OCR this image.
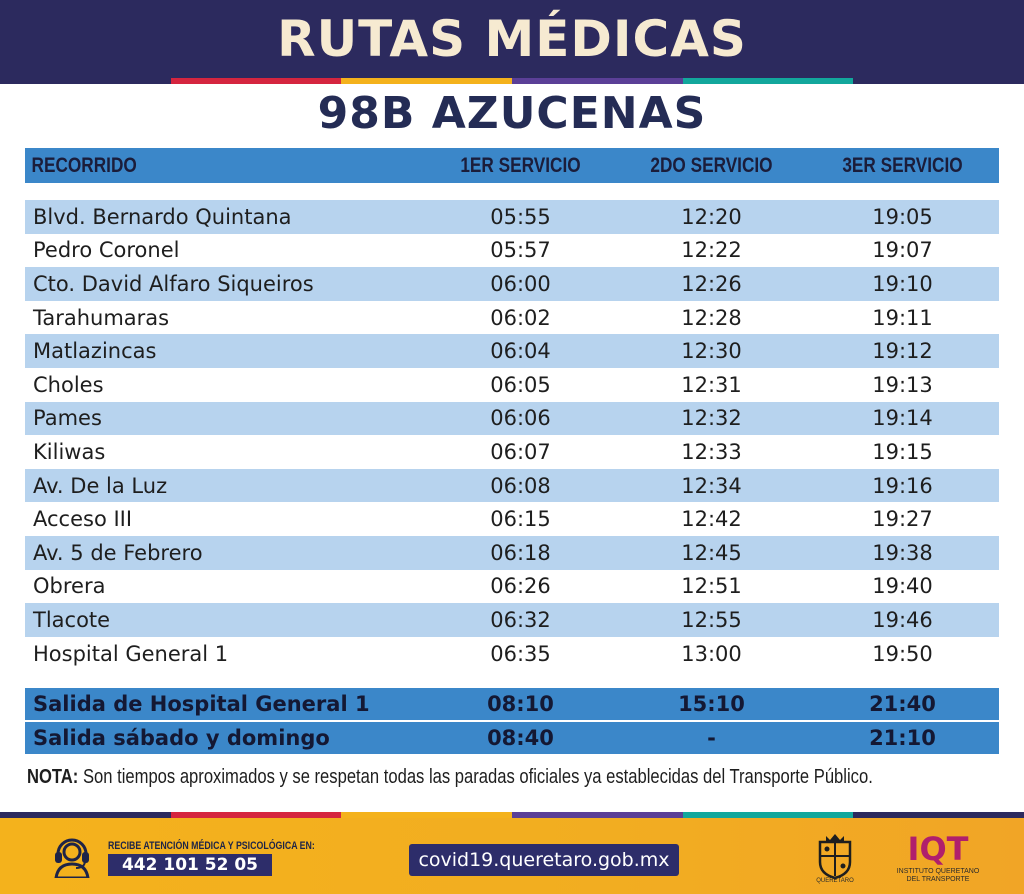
RUTAS MÉDICAS
98B AZUCENAS
RECORRIDO	1ER SERVICIO	2DO SERVICIO	3ER SERVICIO
Blvd. Bernardo Quintana	05:55	12:20	19:05
Pedro Coronel	05:57	12:22	19:07
Cto. David Alfaro Siqueiros	06:00	12:26	19:10
Tarahumaras	06:02	12:28	19:11
Matlazincas	06:04	12:30	19:12
Choles	06:05	12:31	19:13
Pames	06:06	12:32	19:14
Kiliwas	06:07	12:33	19:15
Av. De la Luz	06:08	12:34	19:16
Acceso III	06:15	12:42	19:27
Av. 5 de Febrero	06:18	12:45	19:38
Obrera	06:26	12:51	19:40
Tlacote	06:32	12:55	19:46
Hospital General 1	06:35	13:00	19:50
Salida de Hospital General 1	08:10	15:10	21:40
Salida sábado y domingo	08:40	-	21:10
NOTA: Son tiempos aproximados y se respetan todas las paradas oficiales ya establecidas del Transporte Público.
RECIBE ATENCIÓN MÉDICA Y PSICOLÓGICA EN:
442 101 52 05	covid19.queretaro.gob.mx
QUERÉTARO
IQT
INSTITUTO QUERETANO
DEL TRANSPORTE
